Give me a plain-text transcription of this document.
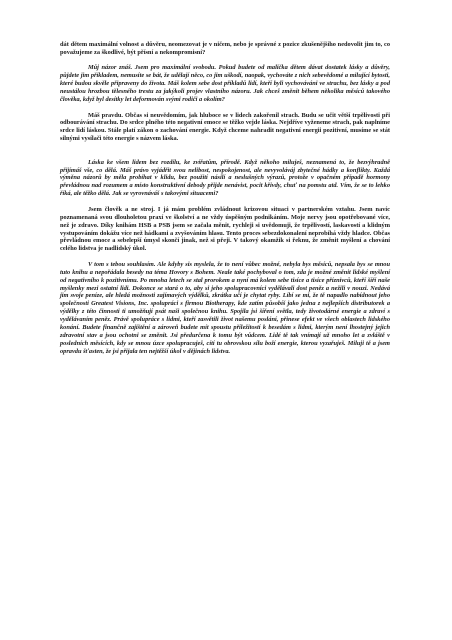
dát dětem maximální volnost a důvěru, neomezovat je v ničem, nebo je správné z pozice zkušenějšího nedovolit jim to, co považujeme za škodlivé, být přísní a nekompromisní?

Můj názor znáš. Jsem pro maximální svobodu. Pokud budete od malička dětem dávat dostatek lásky a důvěry, půjdete jim příkladem, nemusíte se bát, že udělají něco, co jim uškodí, naopak, vychováte z nich sebevědomé a milující bytosti, které budou skvěle připraveny do života. Máš kolem sebe dost příkladů lidí, kteří byli vychováváni ve strachu, bez lásky a pod neustálou hrozbou tělesného trestu za jakýkoli projev vlastního názoru. Jak chceš změnit během několika měsíců takového člověka, když byl desítky let deformován svými rodiči a okolím?

Máš pravdu. Občas si neuvědomím, jak hluboce se v lidech zakořenil strach. Budu se učit větší trpělivosti při odbourávání strachu. Do srdce plného této negativní emoce se těžko vejde láska. Nejdříve vyženeme strach, pak naplníme srdce lidí láskou. Stále platí zákon o zachování energie. Když chceme nahradit negativní energii pozitivní, musíme se stát silnými vysílači této energie s názvem láska.

Láska ke všem lidem bez rozdílu, ke zvířatům, přírodě. Když někoho miluješ, neznamená to, že bezvýhradně přijímáš vše, co dělá. Máš právo vyjádřit svou nelibost, nespokojenost, ale nevyvoláváj zbytečné hádky a konflikty. Každá výměna názorů by měla probíhat v klidu, bez použití násilí a neslušných výrazů, protože v opačném případě hormony převládnou nad rozumem a místo konstruktivní debody přijde nenávist, pocit křivdy, chuť na pomstu atd. Vím, že se to lehko říká, ale těžko dělá. Jak se vyrovnáváš s takovými situacemi?

Jsem člověk a ne stroj. I já mám problém zvládnout krizovou situaci v partnerském vztahu. Jsem navíc poznamenaná svou dlouholetou praxí ve školství a ne vždy úspěšným podnikáním. Moje nervy jsou opotřebované více, než je zdravo. Díky knihám HSB a PSB jsem se začala měnit, rychleji si uvědomuji, že trpělivostí, laskavostí a klidným vystupováním dokážu více než hádkami a zvyšováním hlasu. Tento proces sebezdokonalení neprobíhá vždy hladce. Občas převládnou emoce a sebelepší úmysl skončí jinak, než si přeji. V takový okamžik si řeknu, že změnit myšlení a chování celého lidstva je nadlidský úkol.

V tom s tebou souhlasím. Ale kdyby sis myslela, že to není vůbec možné, nebyla bys měsíců, nepsala bys se mnou tuto knihu a nepořádala besedy na téma Hovory s Bohem. Neale také pochyboval o tom, zda je možné změnit lidské myšlení od negativního k pozitivnímu. Po mnoha letech se stal prorokem a nyní má kolem sebe tisíce a tisíce příznivců, kteří šíří naše myšlenky mezi ostatní lidi. Dokonce se stará o to, aby si jeho spolupracovníci vydělávali dost peněz a nežili v nouzi. Nedává jim svoje peníze, ale hledá možnosti zajímavých výdělků, zkrátka učí je chytat ryby. Líbí se mi, že tě napadlo nabídnout jeho společnosti Greatest Visions, Inc. spolupráci s firmou Biotherapy, kde zatím působíš jako jedna z nejlepších distributorek a výdělky z této činnosti ti umožňují psát naši společnou knihu. Spojila jsi šíření světla, tedy životodárné energie a zdraví s vydělávaním peněz. Právě spolupráce s lidmi, kteří zasvětili život našemu poslání, přinese efekt ve všech oblastech lidského konání. Budete finančně zajištění a zároveň budete mít spoustu příležitostí k besedám s lidmi, kterým není lhostejný jejich zdravotní stav a jsou ochotni se změnit. Jsi předurčena k tomu být vůdcem. Lidé tě tak vnímají už mnoho let a zvláště v posledních měsících, kdy se mnou úzce spolupracuješ, cítí tu obrovskou sílu boží energie, kterou vyzařuješ. Miluji tě a jsem opravdu šťasten, že jsi přijala ten nejtěžší úkol v dějinách lidstva.
